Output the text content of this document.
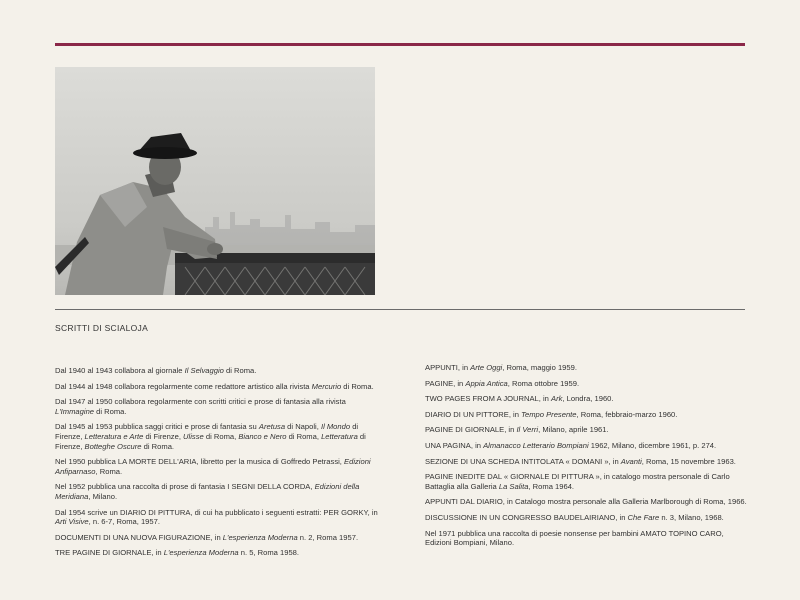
SCRITTI DI SCIALOJA

Dal 1940 al 1943 collabora al giornale Il Selvaggio di Roma.

Dal 1944 al 1948 collabora regolarmente come redattore artistico alla rivista Mercurio di Roma.

Dal 1947 al 1950 collabora regolarmente con scritti critici e prose di fantasia alla rivista L'Immagine di Roma.

Dal 1945 al 1953 pubblica saggi critici e prose di fantasia su Aretusa di Napoli, Il Mondo di Firenze, Letteratura e Arte di Firenze, Ulisse di Roma, Bianco e Nero di Roma, Letteratura di Firenze, Botteghe Oscure di Roma.

Nel 1950 pubblica LA MORTE DELL'ARIA, libretto per la musica di Goffredo Petrassi, Edizioni Anfiparnaso, Roma.

Nel 1952 pubblica una raccolta di prose di fantasia I SEGNI DELLA CORDA, Edizioni della Meridiana, Milano.

Dal 1954 scrive un DIARIO DI PITTURA, di cui ha pubblicato i seguenti estratti: PER GORKY, in Arti Visive, n. 6-7, Roma, 1957.

DOCUMENTI DI UNA NUOVA FIGURAZIONE, in L'esperienza Moderna n. 2, Roma 1957.

TRE PAGINE DI GIORNALE, in L'esperienza Moderna n. 5, Roma 1958.

APPUNTI, in Arte Oggi, Roma, maggio 1959.

PAGINE, in Appia Antica, Roma ottobre 1959.

TWO PAGES FROM A JOURNAL, in Ark, Londra, 1960.

DIARIO DI UN PITTORE, in Tempo Presente, Roma, febbraio-marzo 1960.

PAGINE DI GIORNALE, in Il Verri, Milano, aprile 1961.

UNA PAGINA, in Almanacco Letterario Bompiani 1962, Milano, dicembre 1961, p. 274.

SEZIONE DI UNA SCHEDA INTITOLATA « DOMANI », in Avanti, Roma, 15 novembre 1963.

PAGINE INEDITE DAL « GIORNALE DI PITTURA », in catalogo mostra personale di Carlo Battaglia alla Galleria La Salita, Roma 1964.

APPUNTI DAL DIARIO, in Catalogo mostra personale alla Galleria Marlborough di Roma, 1966.

DISCUSSIONE IN UN CONGRESSO BAUDELAIRIANO, in Che Fare n. 3, Milano, 1968.

Nel 1971 pubblica una raccolta di poesie nonsense per bambini AMATO TOPINO CARO, Edizioni Bompiani, Milano.
